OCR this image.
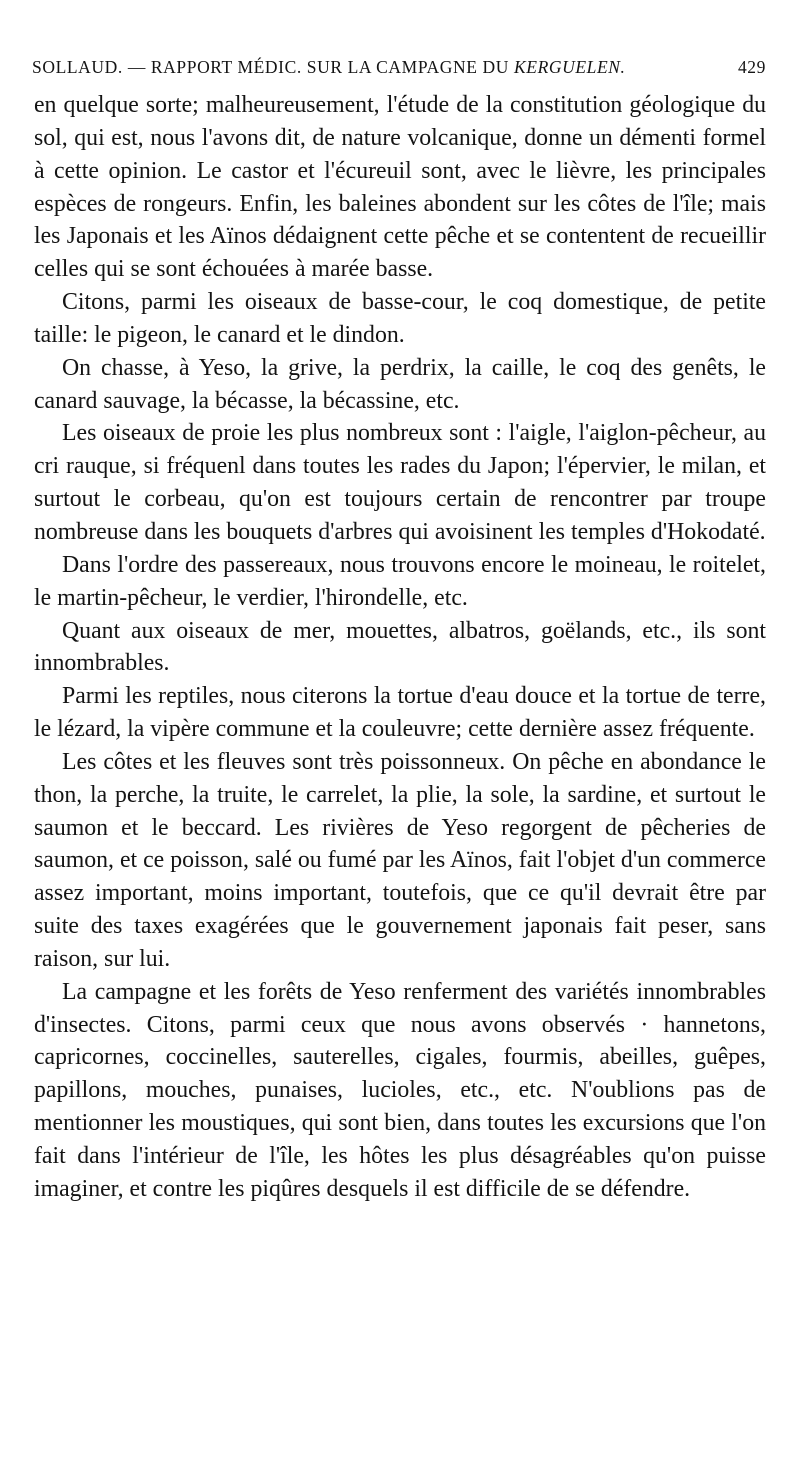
SOLLAUD. — RAPPORT MÉDIC. SUR LA CAMPAGNE DU KERGUELEN.	429

en quelque sorte; malheureusement, l'étude de la constitution géologique du sol, qui est, nous l'avons dit, de nature volcanique, donne un démenti formel à cette opinion. Le castor et l'écureuil sont, avec le lièvre, les principales espèces de rongeurs. Enfin, les baleines abondent sur les côtes de l'île; mais les Japonais et les Aïnos dédaignent cette pêche et se contentent de recueillir celles qui se sont échouées à marée basse.

Citons, parmi les oiseaux de basse-cour, le coq domestique, de petite taille: le pigeon, le canard et le dindon.

On chasse, à Yeso, la grive, la perdrix, la caille, le coq des genêts, le canard sauvage, la bécasse, la bécassine, etc.

Les oiseaux de proie les plus nombreux sont : l'aigle, l'aiglon-pêcheur, au cri rauque, si fréquenl dans toutes les rades du Japon; l'épervier, le milan, et surtout le corbeau, qu'on est toujours certain de rencontrer par troupe nombreuse dans les bouquets d'arbres qui avoisinent les temples d'Hokodaté.

Dans l'ordre des passereaux, nous trouvons encore le moineau, le roitelet, le martin-pêcheur, le verdier, l'hirondelle, etc.

Quant aux oiseaux de mer, mouettes, albatros, goëlands, etc., ils sont innombrables.

Parmi les reptiles, nous citerons la tortue d'eau douce et la tortue de terre, le lézard, la vipère commune et la couleuvre; cette dernière assez fréquente.

Les côtes et les fleuves sont très poissonneux. On pêche en abondance le thon, la perche, la truite, le carrelet, la plie, la sole, la sardine, et surtout le saumon et le beccard. Les rivières de Yeso regorgent de pêcheries de saumon, et ce poisson, salé ou fumé par les Aïnos, fait l'objet d'un commerce assez important, moins important, toutefois, que ce qu'il devrait être par suite des taxes exagérées que le gouvernement japonais fait peser, sans raison, sur lui.

La campagne et les forêts de Yeso renferment des variétés innombrables d'insectes. Citons, parmi ceux que nous avons observés · hannetons, capricornes, coccinelles, sauterelles, cigales, fourmis, abeilles, guêpes, papillons, mouches, punaises, lucioles, etc., etc. N'oublions pas de mentionner les moustiques, qui sont bien, dans toutes les excursions que l'on fait dans l'intérieur de l'île, les hôtes les plus désagréables qu'on puisse imaginer, et contre les piqûres desquels il est difficile de se défendre.
